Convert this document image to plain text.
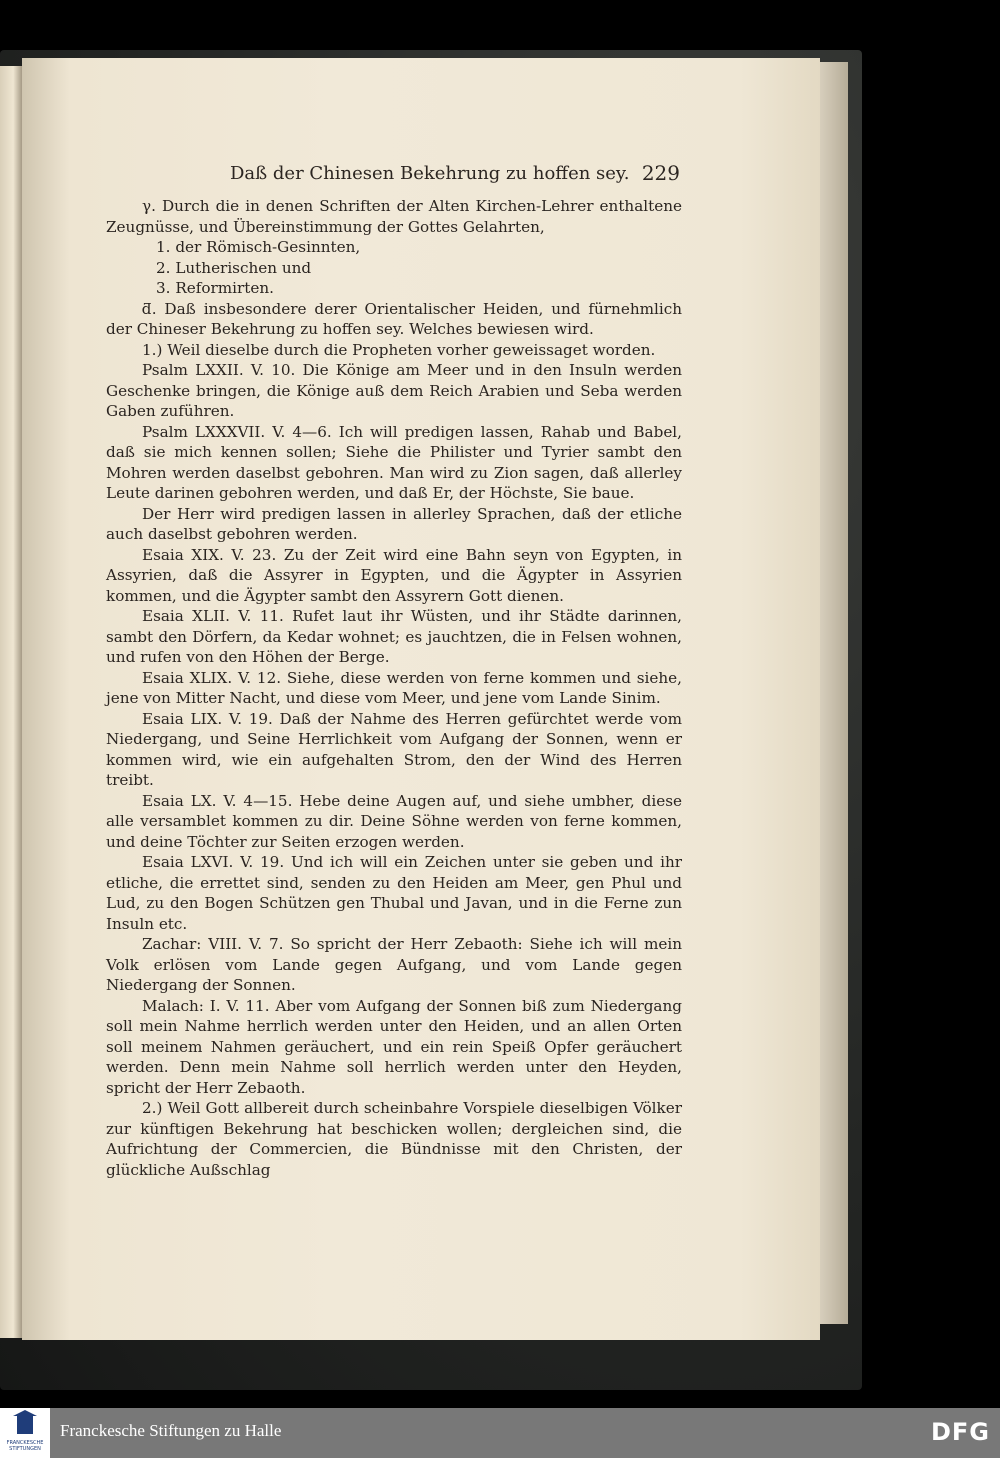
Daß der Chinesen Bekehrung zu hoffen sey. 229

γ. Durch die in denen Schriften der Alten Kirchen-Lehrer enthaltene Zeugnüsse, und Übereinstimmung der Gottes Gelahrten,

1. der Römisch-Gesinnten,

2. Lutherischen und

3. Reformirten.

ƌ. Daß insbesondere derer Orientalischer Heiden, und fürnehmlich der Chineser Bekehrung zu hoffen sey. Welches bewiesen wird.

1.) Weil dieselbe durch die Propheten vorher geweissaget worden.

Psalm LXXII. V. 10. Die Könige am Meer und in den Insuln werden Geschenke bringen, die Könige auß dem Reich Arabien und Seba werden Gaben zuführen.

Psalm LXXXVII. V. 4—6. Ich will predigen lassen, Rahab und Babel, daß sie mich kennen sollen; Siehe die Philister und Tyrier sambt den Mohren werden daselbst gebohren. Man wird zu Zion sagen, daß allerley Leute darinen gebohren werden, und daß Er, der Höchste, Sie baue.

Der Herr wird predigen lassen in allerley Sprachen, daß der etliche auch daselbst gebohren werden.

Esaia XIX. V. 23. Zu der Zeit wird eine Bahn seyn von Egypten, in Assyrien, daß die Assyrer in Egypten, und die Ägypter in Assyrien kommen, und die Ägypter sambt den Assyrern Gott dienen.

Esaia XLII. V. 11. Rufet laut ihr Wüsten, und ihr Städte darinnen, sambt den Dörfern, da Kedar wohnet; es jauchtzen, die in Felsen wohnen, und rufen von den Höhen der Berge.

Esaia XLIX. V. 12. Siehe, diese werden von ferne kommen und siehe, jene von Mitter Nacht, und diese vom Meer, und jene vom Lande Sinim.

Esaia LIX. V. 19. Daß der Nahme des Herren gefürchtet werde vom Niedergang, und Seine Herrlichkeit vom Aufgang der Sonnen, wenn er kommen wird, wie ein aufgehalten Strom, den der Wind des Herren treibt.

Esaia LX. V. 4—15. Hebe deine Augen auf, und siehe umbher, diese alle versamblet kommen zu dir. Deine Söhne werden von ferne kommen, und deine Töchter zur Seiten erzogen werden.

Esaia LXVI. V. 19. Und ich will ein Zeichen unter sie geben und ihr etliche, die errettet sind, senden zu den Heiden am Meer, gen Phul und Lud, zu den Bogen Schützen gen Thubal und Javan, und in die Ferne zun Insuln etc.

Zachar: VIII. V. 7. So spricht der Herr Zebaoth: Siehe ich will mein Volk erlösen vom Lande gegen Aufgang, und vom Lande gegen Niedergang der Sonnen.

Malach: I. V. 11. Aber vom Aufgang der Sonnen biß zum Niedergang soll mein Nahme herrlich werden unter den Heiden, und an allen Orten soll meinem Nahmen geräuchert, und ein rein Speiß Opfer geräuchert werden. Denn mein Nahme soll herrlich werden unter den Heyden, spricht der Herr Zebaoth.

2.) Weil Gott allbereit durch scheinbahre Vorspiele dieselbigen Völker zur künftigen Bekehrung hat beschicken wollen; dergleichen sind, die Aufrichtung der Commercien, die Bündnisse mit den Christen, der glückliche Außschlag

FRANCKESCHE STIFTUNGEN
Franckesche Stiftungen zu Halle	DFG
